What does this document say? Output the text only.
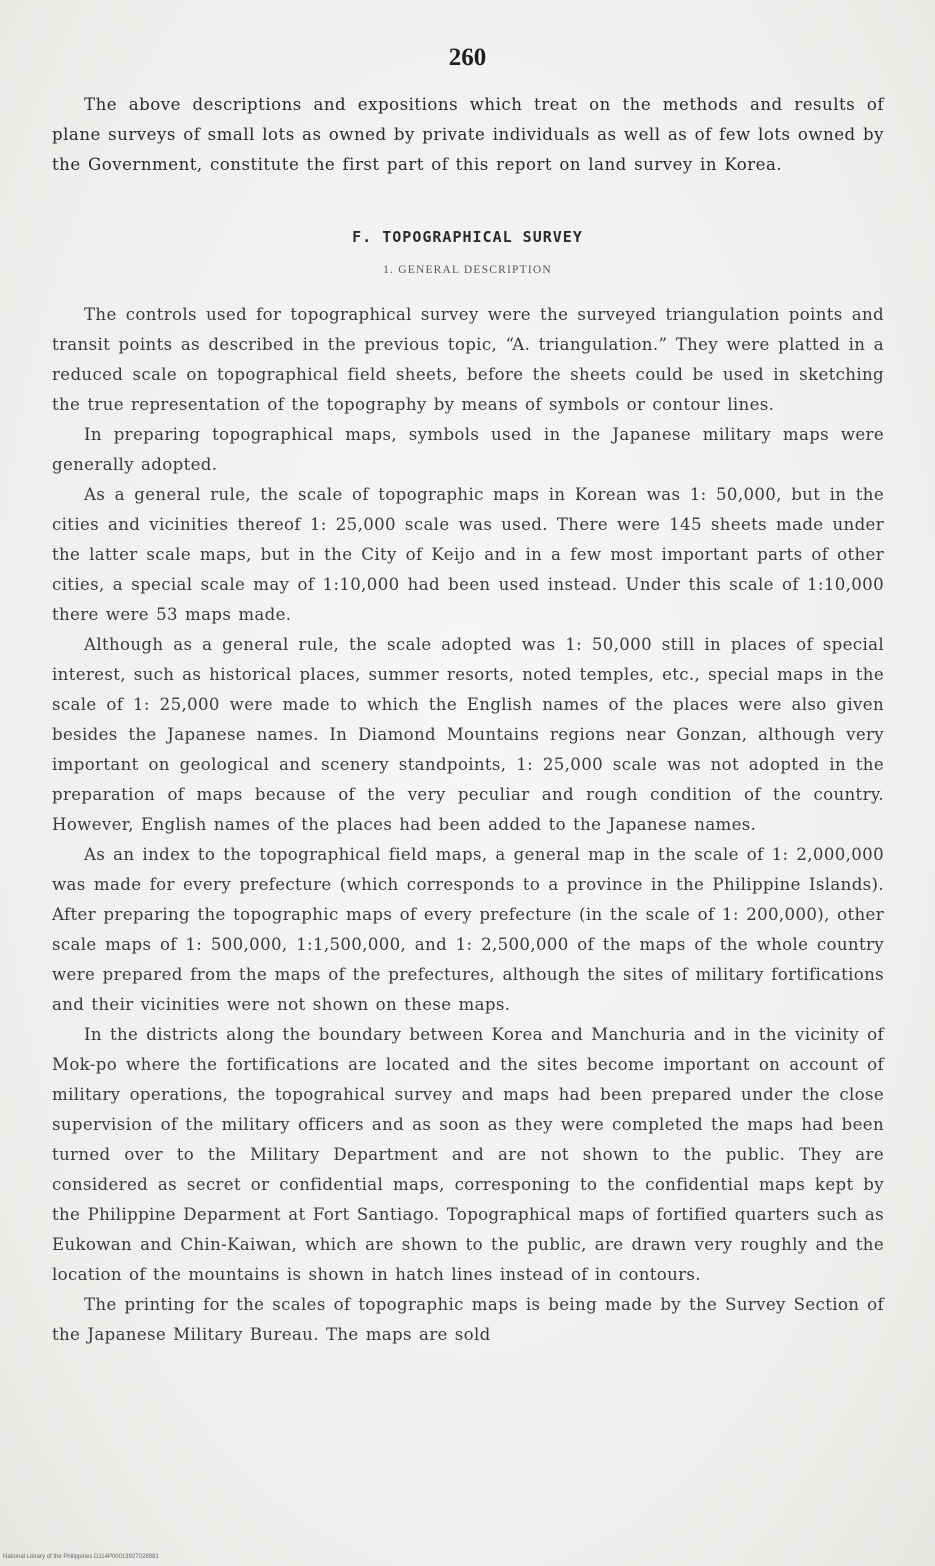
260

The above descriptions and expositions which treat on the methods and results of plane surveys of small lots as owned by private individuals as well as of few lots owned by the Government, constitute the first part of this report on land survey in Korea.

F. TOPOGRAPHICAL SURVEY
1. GENERAL DESCRIPTION

The controls used for topographical survey were the surveyed triangulation points and transit points as described in the previous topic, “A. triangulation.” They were platted in a reduced scale on topographical field sheets, before the sheets could be used in sketching the true representation of the topography by means of symbols or contour lines.

In preparing topographical maps, symbols used in the Japanese military maps were generally adopted.

As a general rule, the scale of topographic maps in Korean was 1: 50,000, but in the cities and vicinities thereof 1: 25,000 scale was used. There were 145 sheets made under the latter scale maps, but in the City of Keijo and in a few most important parts of other cities, a special scale may of 1:10,000 had been used instead. Under this scale of 1:10,000 there were 53 maps made.

Although as a general rule, the scale adopted was 1: 50,000 still in places of special interest, such as historical places, summer resorts, noted temples, etc., special maps in the scale of 1: 25,000 were made to which the English names of the places were also given besides the Japanese names. In Diamond Mountains regions near Gonzan, although very important on geological and scenery standpoints, 1: 25,000 scale was not adopted in the preparation of maps because of the very peculiar and rough condition of the country. However, English names of the places had been added to the Japanese names.

As an index to the topographical field maps, a general map in the scale of 1: 2,000,000 was made for every prefecture (which corresponds to a province in the Philippine Islands). After preparing the topographic maps of every prefecture (in the scale of 1: 200,000), other scale maps of 1: 500,000, 1:1,500,000, and 1: 2,500,000 of the maps of the whole country were prepared from the maps of the prefectures, although the sites of military fortifications and their vicinities were not shown on these maps.

In the districts along the boundary between Korea and Manchuria and in the vicinity of Mok-po where the fortifications are located and the sites become important on account of military operations, the topograhical survey and maps had been prepared under the close supervision of the military officers and as soon as they were completed the maps had been turned over to the Military Department and are not shown to the public. They are considered as secret or confidential maps, corresponing to the confidential maps kept by the Philippine Deparment at Fort Santiago. Topographical maps of fortified quarters such as Eukowan and Chin-Kaiwan, which are shown to the public, are drawn very roughly and the location of the mountains is shown in hatch lines instead of in contours.

The printing for the scales of topographic maps is being made by the Survey Section of the Japanese Military Bureau. The maps are sold

National Library of the Philippines D114P00013927028981
